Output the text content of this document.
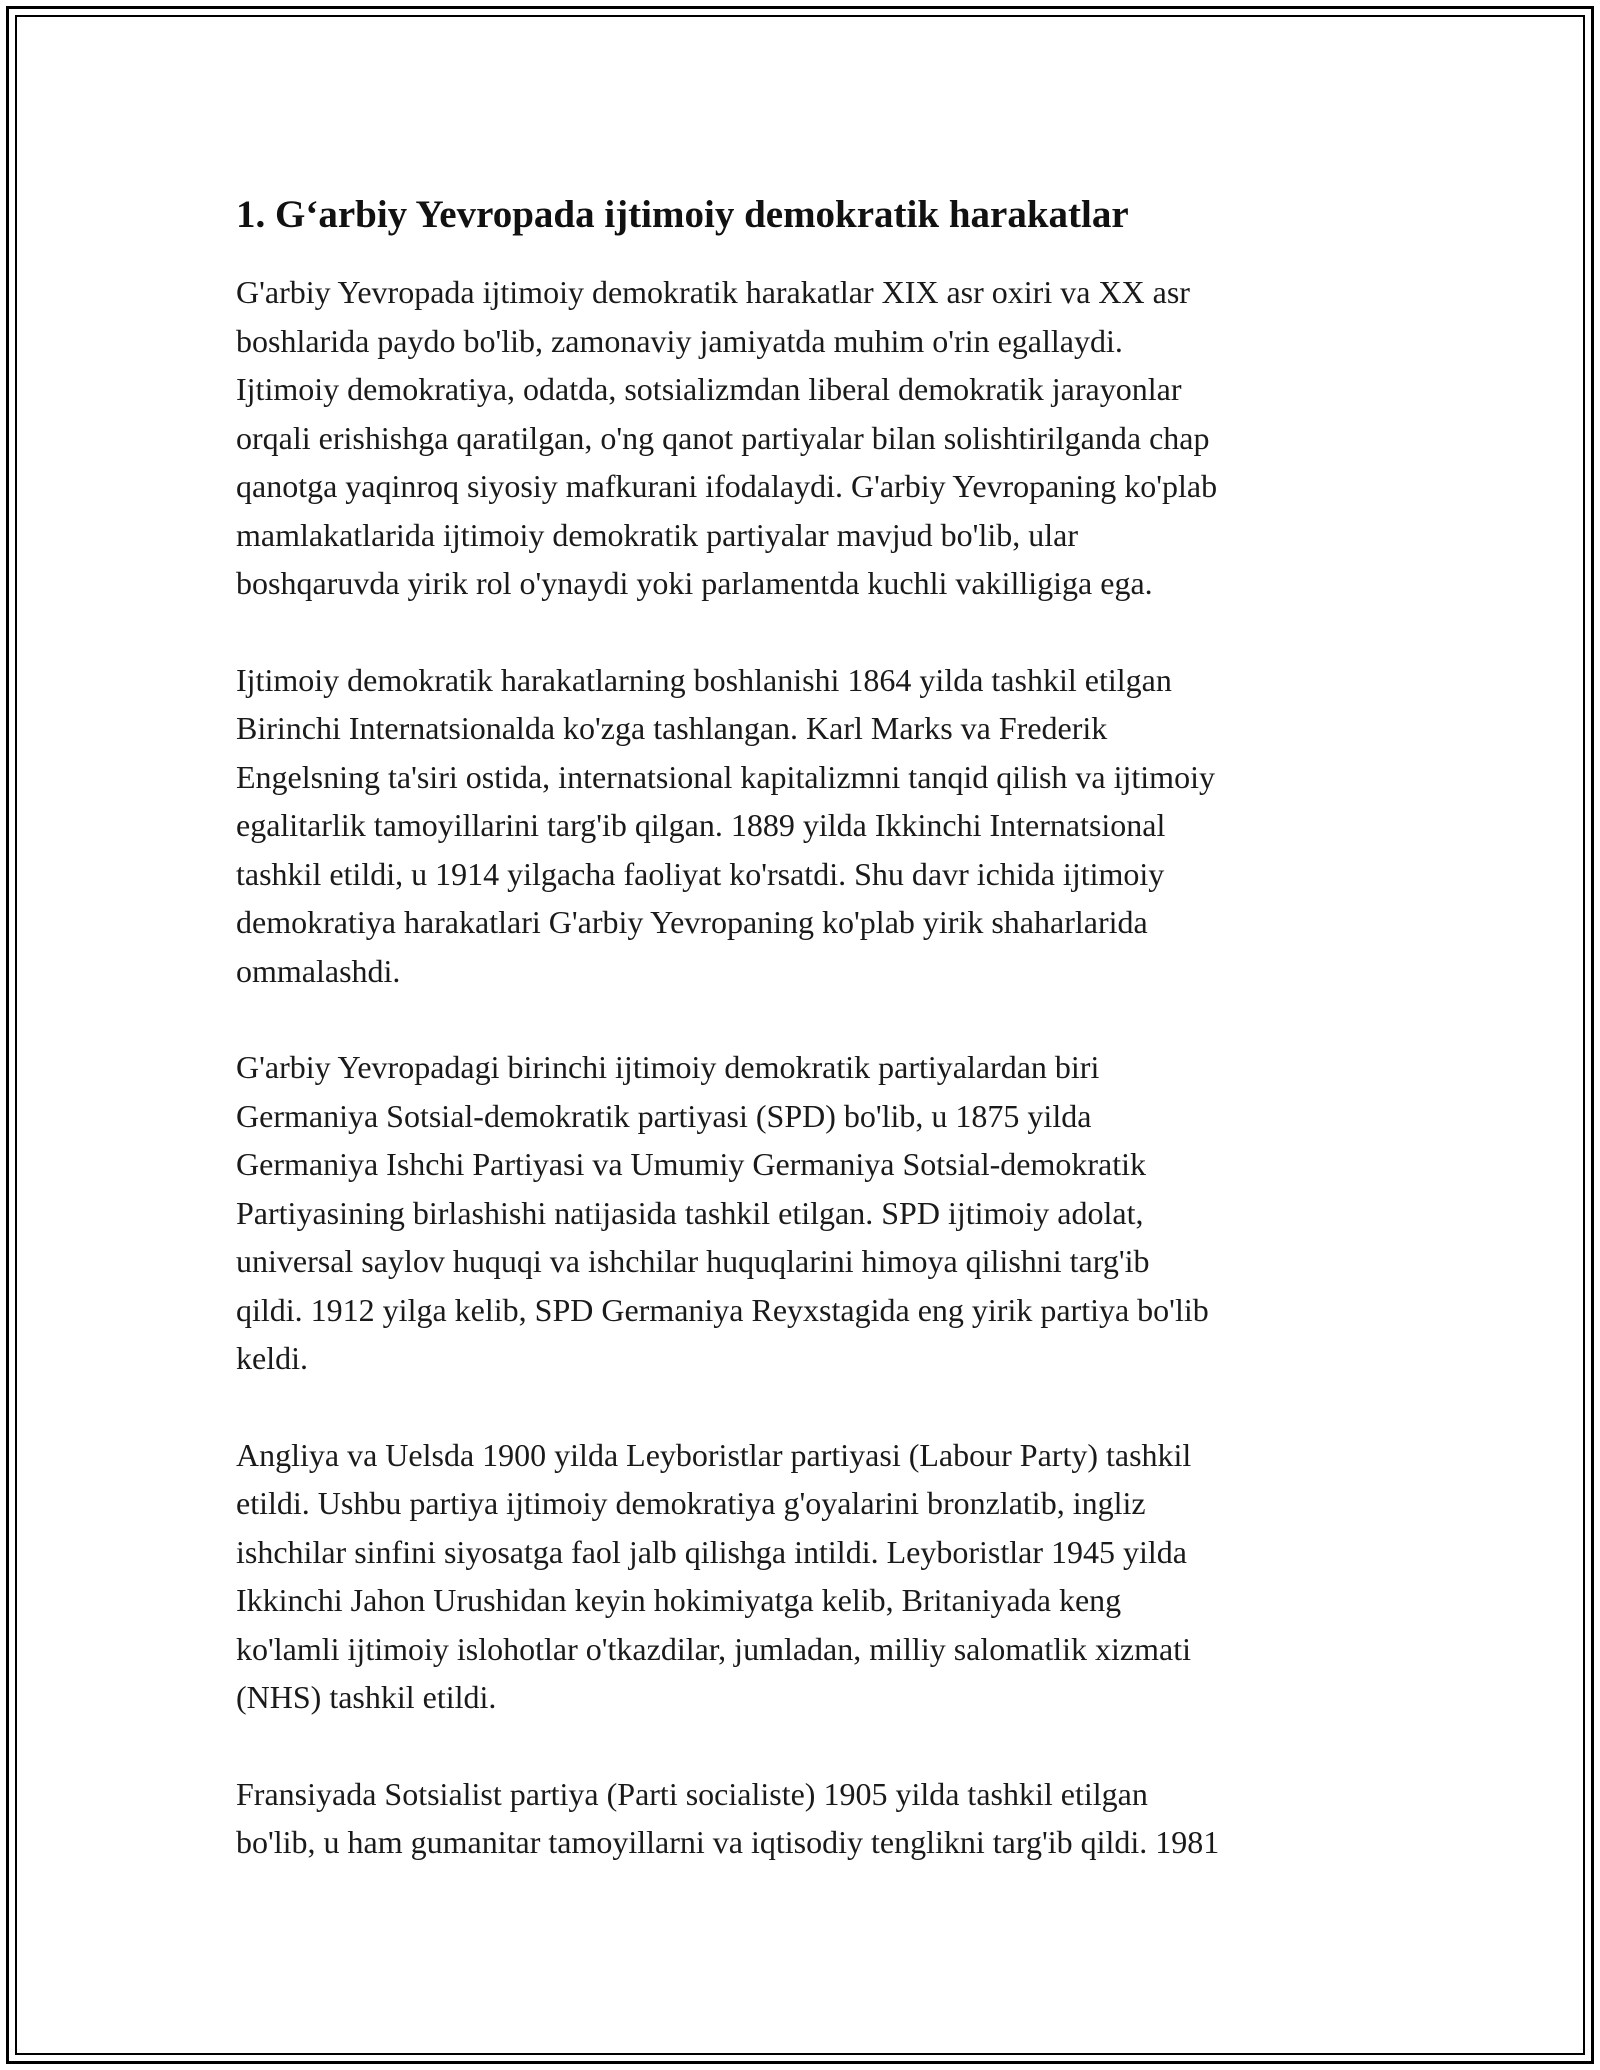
1. G‘arbiy Yevropada ijtimoiy demokratik harakatlar
G'arbiy Yevropada ijtimoiy demokratik harakatlar XIX asr oxiri va XX asr
boshlarida paydo bo'lib, zamonaviy jamiyatda muhim o'rin egallaydi.
Ijtimoiy demokratiya, odatda, sotsializmdan liberal demokratik jarayonlar
orqali erishishga qaratilgan, o'ng qanot partiyalar bilan solishtirilganda chap
qanotga yaqinroq siyosiy mafkurani ifodalaydi. G'arbiy Yevropaning ko'plab
mamlakatlarida ijtimoiy demokratik partiyalar mavjud bo'lib, ular
boshqaruvda yirik rol o'ynaydi yoki parlamentda kuchli vakilligiga ega.
Ijtimoiy demokratik harakatlarning boshlanishi 1864 yilda tashkil etilgan
Birinchi Internatsionalda ko'zga tashlangan. Karl Marks va Frederik
Engelsning ta'siri ostida, internatsional kapitalizmni tanqid qilish va ijtimoiy
egalitarlik tamoyillarini targ'ib qilgan. 1889 yilda Ikkinchi Internatsional
tashkil etildi, u 1914 yilgacha faoliyat ko'rsatdi. Shu davr ichida ijtimoiy
demokratiya harakatlari G'arbiy Yevropaning ko'plab yirik shaharlarida
ommalashdi.
G'arbiy Yevropadagi birinchi ijtimoiy demokratik partiyalardan biri
Germaniya Sotsial-demokratik partiyasi (SPD) bo'lib, u 1875 yilda
Germaniya Ishchi Partiyasi va Umumiy Germaniya Sotsial-demokratik
Partiyasining birlashishi natijasida tashkil etilgan. SPD ijtimoiy adolat,
universal saylov huquqi va ishchilar huquqlarini himoya qilishni targ'ib
qildi. 1912 yilga kelib, SPD Germaniya Reyxstagida eng yirik partiya bo'lib
keldi.
Angliya va Uelsda 1900 yilda Leyboristlar partiyasi (Labour Party) tashkil
etildi. Ushbu partiya ijtimoiy demokratiya g'oyalarini bronzlatib, ingliz
ishchilar sinfini siyosatga faol jalb qilishga intildi. Leyboristlar 1945 yilda
Ikkinchi Jahon Urushidan keyin hokimiyatga kelib, Britaniyada keng
ko'lamli ijtimoiy islohotlar o'tkazdilar, jumladan, milliy salomatlik xizmati
(NHS) tashkil etildi.
Fransiyada Sotsialist partiya (Parti socialiste) 1905 yilda tashkil etilgan
bo'lib, u ham gumanitar tamoyillarni va iqtisodiy tenglikni targ'ib qildi. 1981
